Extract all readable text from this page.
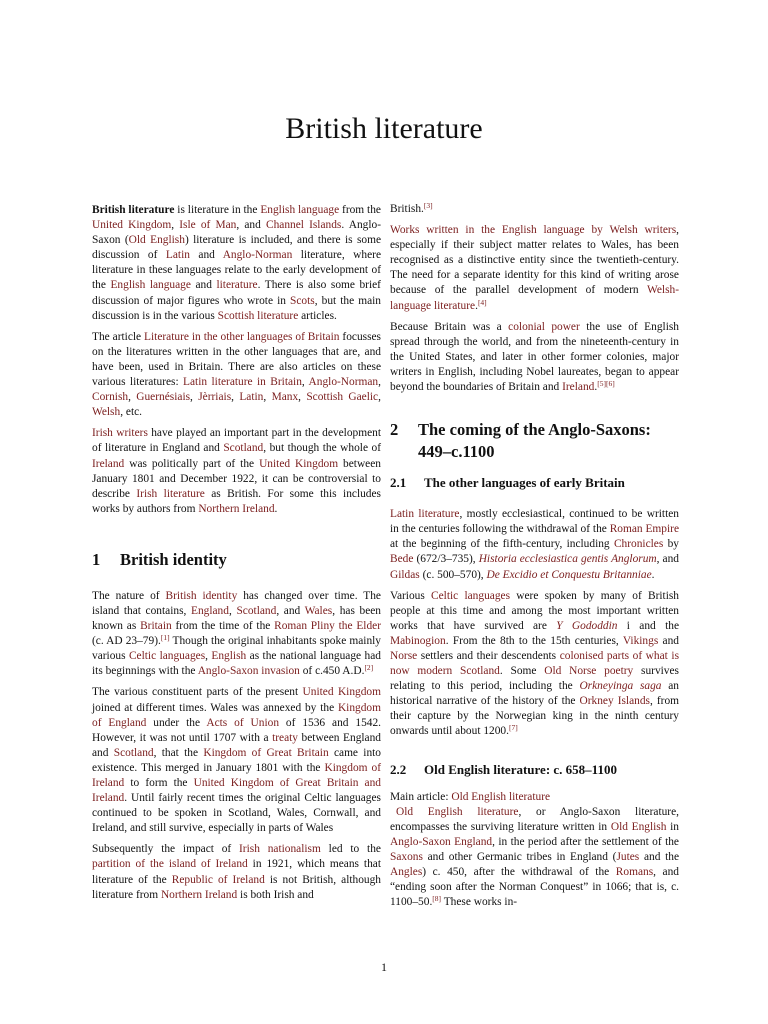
British literature

British literature is literature in the English language from the United Kingdom, Isle of Man, and Channel Islands. Anglo-Saxon (Old English) literature is included, and there is some discussion of Latin and Anglo-Norman literature, where literature in these languages relate to the early development of the English language and literature. There is also some brief discussion of major figures who wrote in Scots, but the main discussion is in the various Scottish literature articles.

The article Literature in the other languages of Britain focusses on the literatures written in the other languages that are, and have been, used in Britain. There are also articles on these various literatures: Latin literature in Britain, Anglo-Norman, Cornish, Guernésiais, Jèrriais, Latin, Manx, Scottish Gaelic, Welsh, etc.

Irish writers have played an important part in the development of literature in England and Scotland, but though the whole of Ireland was politically part of the United Kingdom between January 1801 and December 1922, it can be controversial to describe Irish literature as British. For some this includes works by authors from Northern Ireland.

1 British identity

The nature of British identity has changed over time. The island that contains, England, Scotland, and Wales, has been known as Britain from the time of the Roman Pliny the Elder (c. AD 23–79).[1] Though the original inhabitants spoke mainly various Celtic languages, English as the national language had its beginnings with the Anglo-Saxon invasion of c.450 A.D.[2]

The various constituent parts of the present United Kingdom joined at different times. Wales was annexed by the Kingdom of England under the Acts of Union of 1536 and 1542. However, it was not until 1707 with a treaty between England and Scotland, that the Kingdom of Great Britain came into existence. This merged in January 1801 with the Kingdom of Ireland to form the United Kingdom of Great Britain and Ireland. Until fairly recent times the original Celtic languages continued to be spoken in Scotland, Wales, Cornwall, and Ireland, and still survive, especially in parts of Wales

Subsequently the impact of Irish nationalism led to the partition of the island of Ireland in 1921, which means that literature of the Republic of Ireland is not British, although literature from Northern Ireland is both Irish and

British.[3]

Works written in the English language by Welsh writers, especially if their subject matter relates to Wales, has been recognised as a distinctive entity since the twentieth-century. The need for a separate identity for this kind of writing arose because of the parallel development of modern Welsh-language literature.[4]

Because Britain was a colonial power the use of English spread through the world, and from the nineteenth-century in the United States, and later in other former colonies, major writers in English, including Nobel laureates, began to appear beyond the boundaries of Britain and Ireland.[5][6]

2	The coming of the Anglo-Saxons: 449–c.1100
2.1 The other languages of early Britain

Latin literature, mostly ecclesiastical, continued to be written in the centuries following the withdrawal of the Roman Empire at the beginning of the fifth-century, including Chronicles by Bede (672/3–735), Historia ecclesiastica gentis Anglorum, and Gildas (c. 500–570), De Excidio et Conquestu Britanniae.

Various Celtic languages were spoken by many of British people at this time and among the most important written works that have survived are Y Gododdin i and the Mabinogion. From the 8th to the 15th centuries, Vikings and Norse settlers and their descendents colonised parts of what is now modern Scotland. Some Old Norse poetry survives relating to this period, including the Orkneyinga saga an historical narrative of the history of the Orkney Islands, from their capture by the Norwegian king in the ninth century onwards until about 1200.[7]

2.2 Old English literature: c. 658–1100

Main article: Old English literature

Old English literature, or Anglo-Saxon literature, encompasses the surviving literature written in Old English in Anglo-Saxon England, in the period after the settlement of the Saxons and other Germanic tribes in England (Jutes and the Angles) c. 450, after the withdrawal of the Romans, and “ending soon after the Norman Conquest” in 1066; that is, c. 1100–50.[8] These works in-

1
